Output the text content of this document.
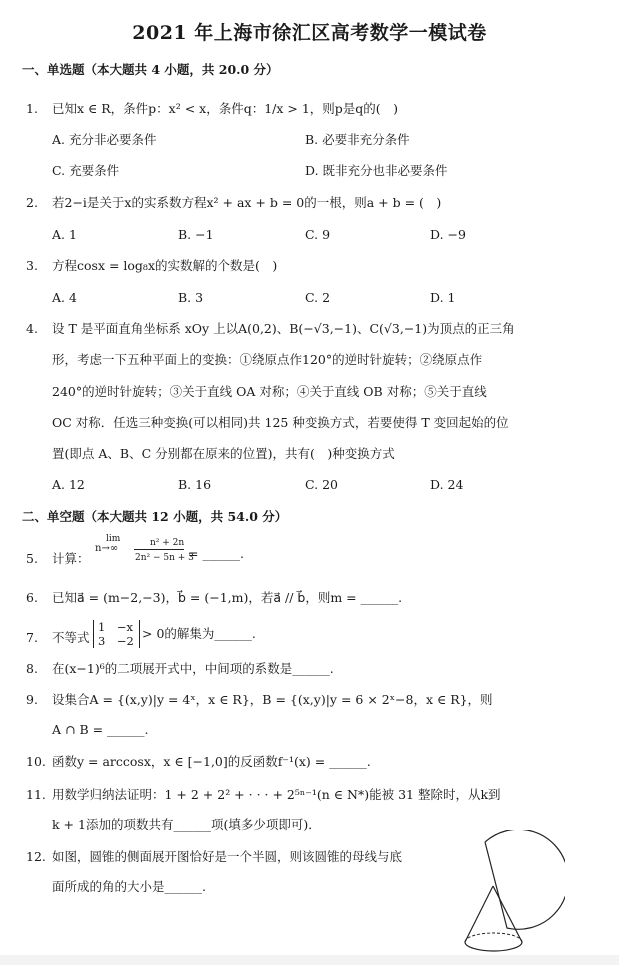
2021 年上海市徐汇区高考数学一模试卷
一、单选题（本大题共 4 小题，共 20.0 分）
1. 已知x ∈ R，条件p：x² < x，条件q：1/x > 1，则p是q的(　)
A. 充分非必要条件	B. 必要非充分条件
C. 充要条件	D. 既非充分也非必要条件
2. 若2−i是关于x的实系数方程x² + ax + b = 0的一根，则a + b = (　)
A. 1	B. −1	C. 9	D. −9
3. 方程cosx = log₈x的实数解的个数是(　)
A. 4	B. 3	C. 2	D. 1
4. 设 T 是平面直角坐标系 xOy 上以A(0,2)、B(−√3,−1)、C(√3,−1)为顶点的正三角
形，考虑一下五种平面上的变换：①绕原点作120°的逆时针旋转；②绕原点作
240°的逆时针旋转；③关于直线 OA 对称；④关于直线 OB 对称；⑤关于直线
OC 对称．任选三种变换(可以相同)共 125 种变换方式，若要使得 T 变回起始的位
置(即点 A、B、C 分别都在原来的位置)，共有(　)种变换方式
A. 12	B. 16	C. 20	D. 24
二、单空题（本大题共 12 小题，共 54.0 分）
5. 计算：
lim
n→∞	n² + 2n
2n² − 5n + 3
= ______.
6. 已知a⃗ = (m−2,−3)，b⃗ = (−1,m)，若a⃗ // b⃗，则m = ______.
7. 不等式
1　−x
3　−2 > 0的解集为______.
8. 在(x−1)⁶的二项展开式中，中间项的系数是______.
9. 设集合A = {(x,y)|y = 4ˣ，x ∈ R}，B = {(x,y)|y = 6 × 2ˣ−8，x ∈ R}，则
A ∩ B = ______.
10. 函数y = arccosx，x ∈ [−1,0]的反函数f⁻¹(x) = ______.
11. 用数学归纳法证明：1 + 2 + 2² + · · · + 2⁵ⁿ⁻¹(n ∈ N*)能被 31 整除时，从k到
k + 1添加的项数共有______项(填多少项即可)．
12. 如图，圆锥的侧面展开图恰好是一个半圆，则该圆锥的母线与底
面所成的角的大小是______.
